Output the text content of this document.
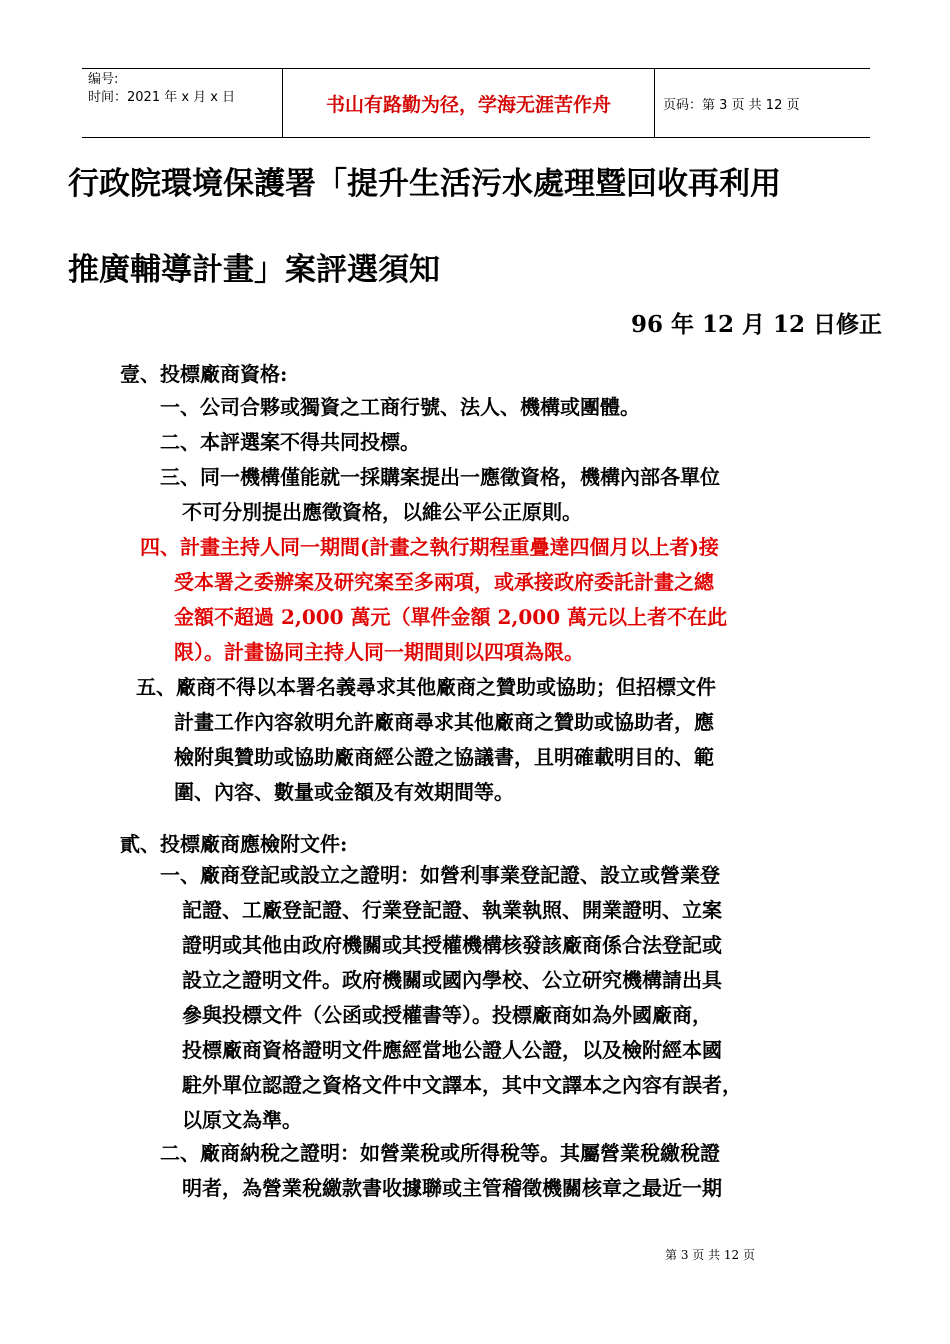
编号:
时间：2021 年 x 月 x 日	书山有路勤为径，学海无涯苦作舟	页码：第 3 页 共 12 页
行政院環境保護署「提升生活污水處理暨回收再利用
推廣輔導計畫」案評選須知
96 年 12 月 12 日修正
壹、投標廠商資格:
一、公司合夥或獨資之工商行號、法人、機構或團體。
二、本評選案不得共同投標。
三、同一機構僅能就一採購案提出一應徵資格，機構內部各單位
不可分別提出應徵資格，以維公平公正原則。
四、計畫主持人同一期間(計畫之執行期程重疊達四個月以上者)接
受本署之委辦案及研究案至多兩項，或承接政府委託計畫之總
金額不超過 2,000 萬元（單件金額 2,000 萬元以上者不在此
限）。計畫協同主持人同一期間則以四項為限。
五、廠商不得以本署名義尋求其他廠商之贊助或協助；但招標文件
計畫工作內容敘明允許廠商尋求其他廠商之贊助或協助者，應
檢附與贊助或協助廠商經公證之協議書，且明確載明目的、範
圍、內容、數量或金額及有效期間等。
貳、投標廠商應檢附文件:
一、廠商登記或設立之證明：如營利事業登記證、設立或營業登
記證、工廠登記證、行業登記證、執業執照、開業證明、立案
證明或其他由政府機關或其授權機構核發該廠商係合法登記或
設立之證明文件。政府機關或國內學校、公立研究機構請出具
參與投標文件（公函或授權書等）。投標廠商如為外國廠商，
投標廠商資格證明文件應經當地公證人公證，以及檢附經本國
駐外單位認證之資格文件中文譯本，其中文譯本之內容有誤者，
以原文為準。
二、廠商納稅之證明：如營業稅或所得稅等。其屬營業稅繳稅證
明者，為營業稅繳款書收據聯或主管稽徵機關核章之最近一期
第 3 页 共 12 页
